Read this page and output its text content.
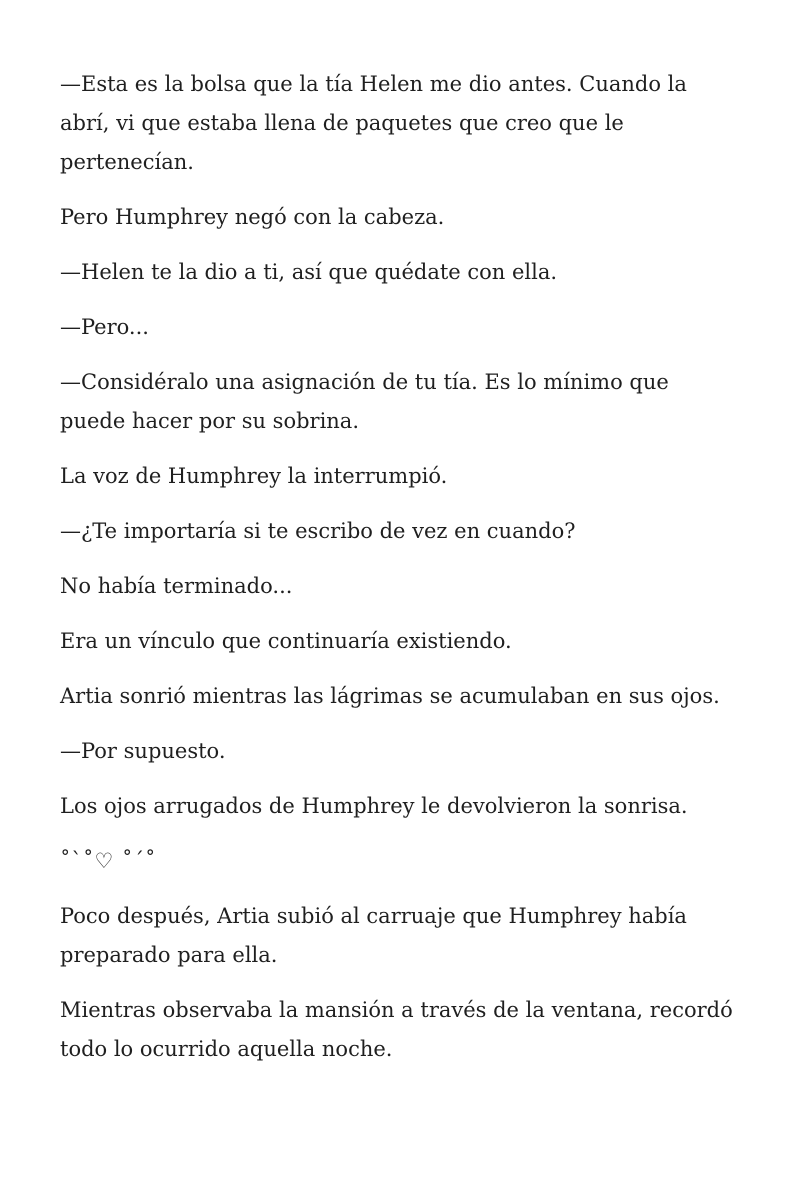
—Esta es la bolsa que la tía Helen me dio antes. Cuando la abrí, vi que estaba llena de paquetes que creo que le pertenecían.

Pero Humphrey negó con la cabeza.

—Helen te la dio a ti, así que quédate con ella.

—Pero...

—Considéralo una asignación de tu tía. Es lo mínimo que puede hacer por su sobrina.

La voz de Humphrey la interrumpió.

—¿Te importaría si te escribo de vez en cuando?

No había terminado...

Era un vínculo que continuaría existiendo.

Artia sonrió mientras las lágrimas se acumulaban en sus ojos.

—Por supuesto.

Los ojos arrugados de Humphrey le devolvieron la sonrisa.

˚`˚♡ ˚´˚

Poco después, Artia subió al carruaje que Humphrey había preparado para ella.

Mientras observaba la mansión a través de la ventana, recordó todo lo ocurrido aquella noche.
